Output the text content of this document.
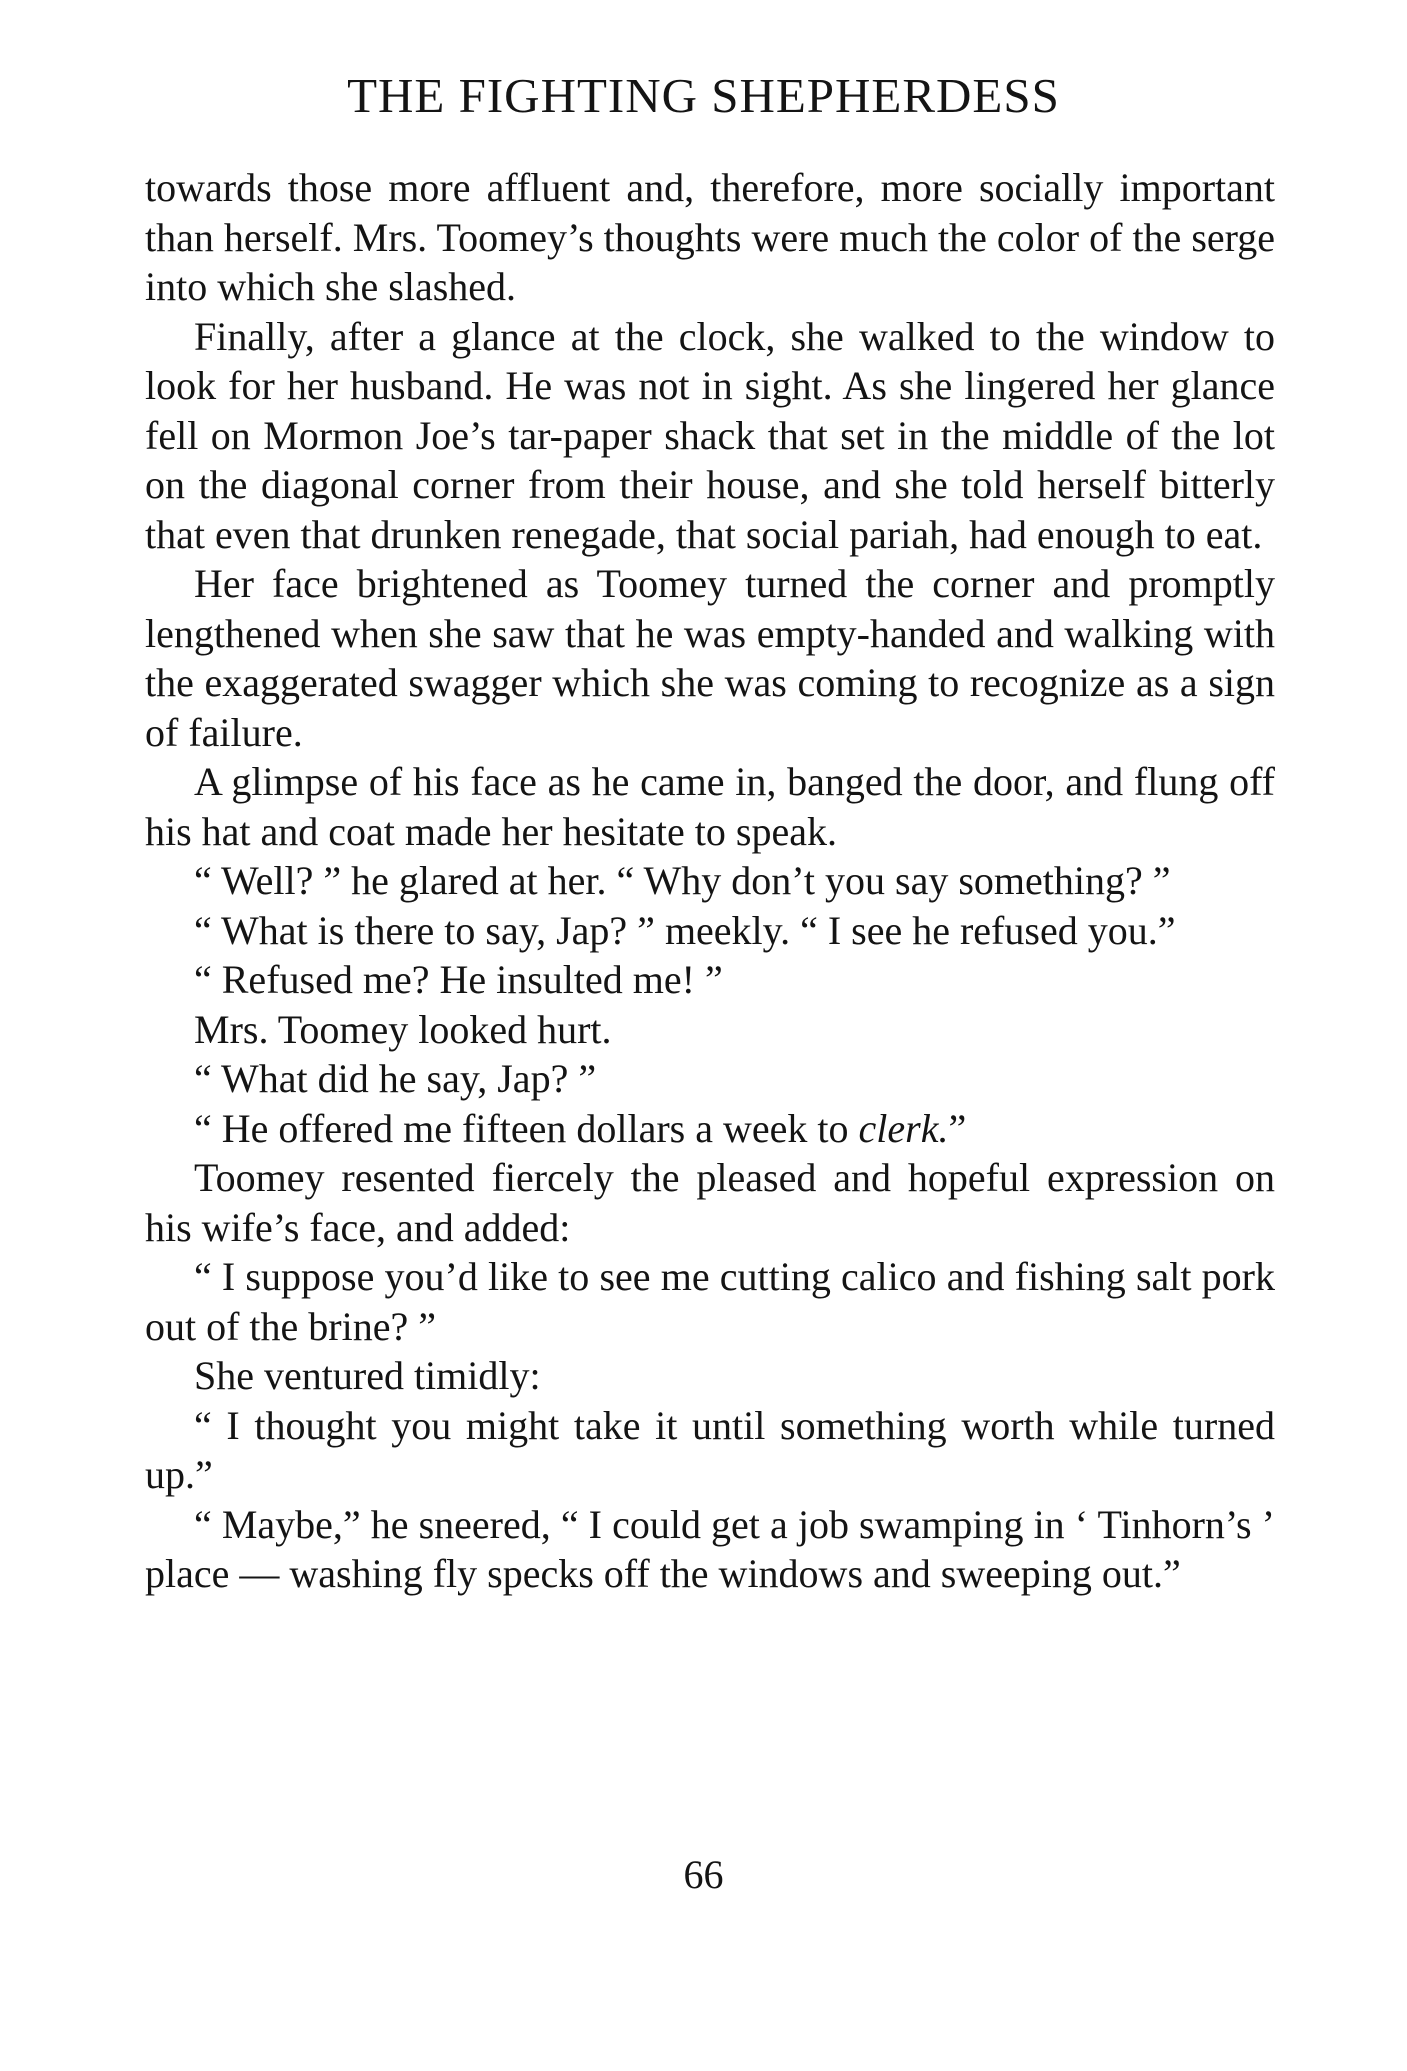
THE FIGHTING SHEPHERDESS

towards those more affluent and, therefore, more socially important than herself. Mrs. Toomey’s thoughts were much the color of the serge into which she slashed.

Finally, after a glance at the clock, she walked to the window to look for her husband. He was not in sight. As she lingered her glance fell on Mormon Joe’s tar-paper shack that set in the middle of the lot on the diagonal corner from their house, and she told herself bitterly that even that drunken renegade, that social pariah, had enough to eat.

Her face brightened as Toomey turned the corner and promptly lengthened when she saw that he was empty-handed and walking with the exaggerated swagger which she was coming to recognize as a sign of failure.

A glimpse of his face as he came in, banged the door, and flung off his hat and coat made her hesitate to speak.

“ Well? ” he glared at her. “ Why don’t you say something? ”

“ What is there to say, Jap? ” meekly. “ I see he refused you.”

“ Refused me? He insulted me! ”

Mrs. Toomey looked hurt.

“ What did he say, Jap? ”

“ He offered me fifteen dollars a week to clerk.”

Toomey resented fiercely the pleased and hopeful expression on his wife’s face, and added:

“ I suppose you’d like to see me cutting calico and fishing salt pork out of the brine? ”

She ventured timidly:

“ I thought you might take it until something worth while turned up.”

“ Maybe,” he sneered, “ I could get a job swamping in ‘ Tinhorn’s ’ place — washing fly specks off the windows and sweeping out.”

66
